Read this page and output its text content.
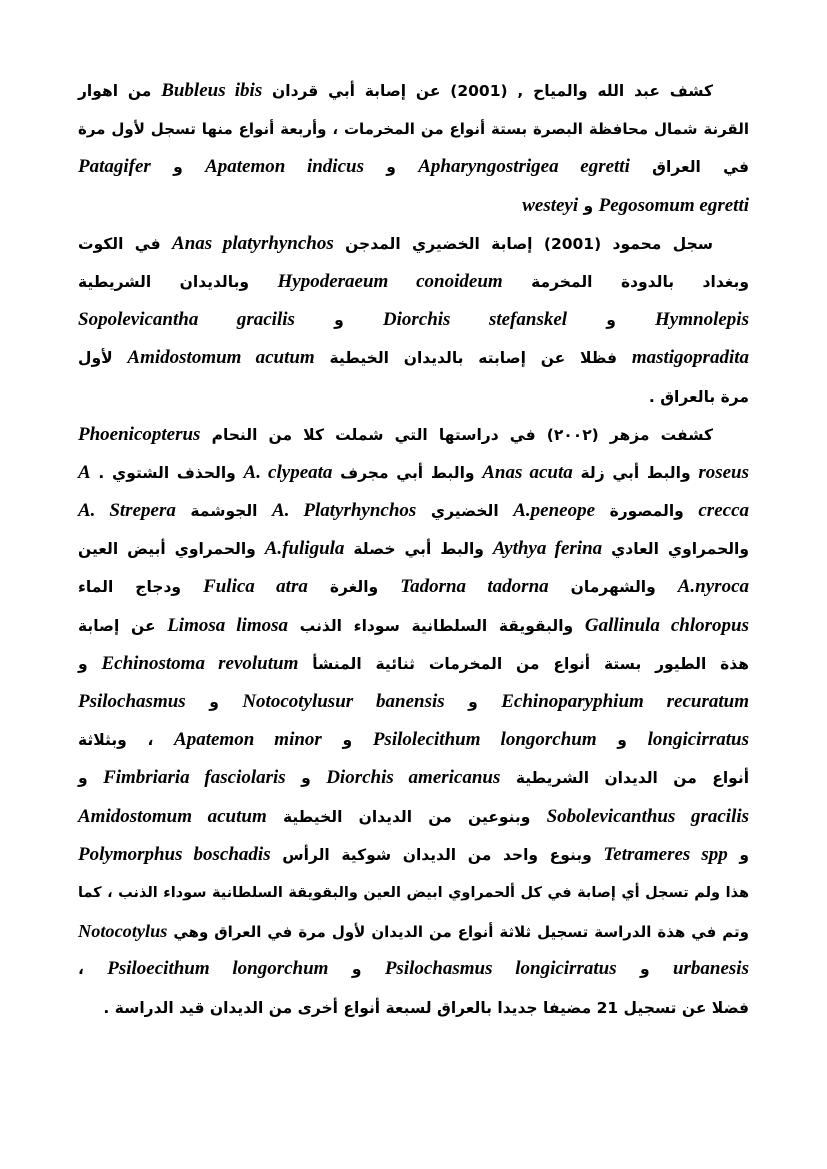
كشف عبد الله والمياح , (2001) عن إصابة أبي قردان Bubleus ibis من اهوار
القرنة شمال محافظة البصرة بستة أنواع من المخرمات ، وأربعة أنواع منها تسجل لأول مرة
في العراق Apharyngostrigea egretti و Apatemon indicus و Patagifer
Pegosomum egretti و westeyi
سجل محمود (2001) إصابة الخضيري المدجن Anas platyrhynchos في الكوت
وبغداد بالدودة المخرمة Hypoderaeum conoideum وبالديدان الشريطية
Hymnolepis و Diorchis stefanskel و Sopolevicantha gracilis
mastigopradita فظلا عن إصابته بالديدان الخيطية Amidostomum acutum لأول
مرة بالعراق .
كشفت مزهر (٢٠٠٢) في دراستها التي شملت كلا من النحام Phoenicopterus
roseus والبط أبي زلة Anas acuta والبط أبي مجرف A. clypeata والحذف الشتوي . A
crecca والمصورة A.peneope الخضيري A. Platyrhynchos الجوشمة A. Strepera
والحمراوي العادي Aythya ferina والبط أبي خصلة A.fuligula والحمراوي أبيض العين
A.nyroca والشهرمان Tadorna tadorna والغرة Fulica atra ودجاج الماء
Gallinula chloropus والبقويقة السلطانية سوداء الذنب Limosa limosa عن إصابة
هذة الطيور بستة أنواع من المخرمات ثنائية المنشأ Echinostoma revolutum و
Echinoparyphium recuratum و Notocotylusur banensis و Psilochasmus
longicirratus و Psilolecithum longorchum و Apatemon minor ، وبثلاثة
أنواع من الديدان الشريطية Diorchis americanus و Fimbriaria fasciolaris و
Sobolevicanthus gracilis وبنوعين من الديدان الخيطية Amidostomum acutum
و Tetrameres spp وبنوع واحد من الديدان شوكية الرأس Polymorphus boschadis
هذا ولم تسجل أي إصابة في كل ألحمراوي ابيض العين والبقويقة السلطانية سوداء الذنب ، كما
وتم في هذة الدراسة تسجيل ثلاثة أنواع من الديدان لأول مرة في العراق وهي Notocotylus
urbanesis و Psilochasmus longicirratus و Psiloecithum longorchum ،
فضلا عن تسجيل 21 مضيفا جديدا بالعراق لسبعة أنواع أخرى من الديدان قيد الدراسة .
